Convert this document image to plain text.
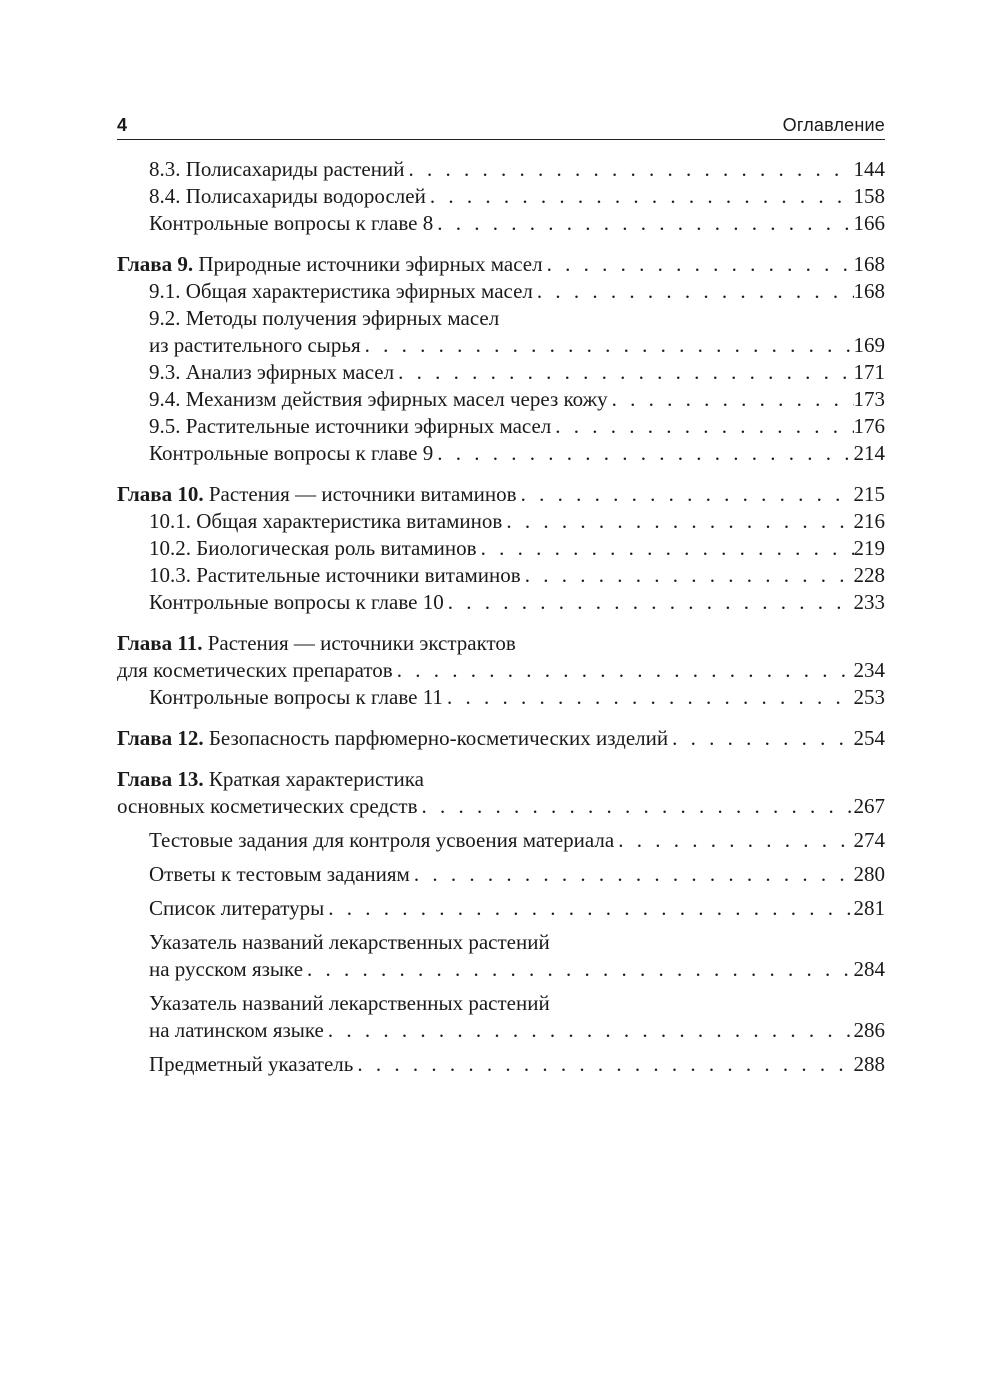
4	Оглавление
8.3. Полисахариды растений . . .	144
8.4. Полисахариды водорослей . . .	158
Контрольные вопросы к главе 8 . . .	166
Глава 9. Природные источники эфирных масел . . .	168
9.1. Общая характеристика эфирных масел . . .	168
9.2. Методы получения эфирных масел
из растительного сырья . . .	169
9.3. Анализ эфирных масел . . .	171
9.4. Механизм действия эфирных масел через кожу . . .	173
9.5. Растительные источники эфирных масел . . .	176
Контрольные вопросы к главе 9 . . .	214
Глава 10. Растения — источники витаминов . . .	215
10.1. Общая характеристика витаминов . . .	216
10.2. Биологическая роль витаминов . . .	219
10.3. Растительные источники витаминов . . .	228
Контрольные вопросы к главе 10 . . .	233
Глава 11. Растения — источники экстрактов
для косметических препаратов . . .	234
Контрольные вопросы к главе 11 . . .	253
Глава 12. Безопасность парфюмерно-косметических изделий . . .	254
Глава 13. Краткая характеристика
основных косметических средств . . .	267
Тестовые задания для контроля усвоения материала . . .	274
Ответы к тестовым заданиям . . .	280
Список литературы . . .	281
Указатель названий лекарственных растений
на русском языке . . .	284
Указатель названий лекарственных растений
на латинском языке . . .	286
Предметный указатель . . .	288
